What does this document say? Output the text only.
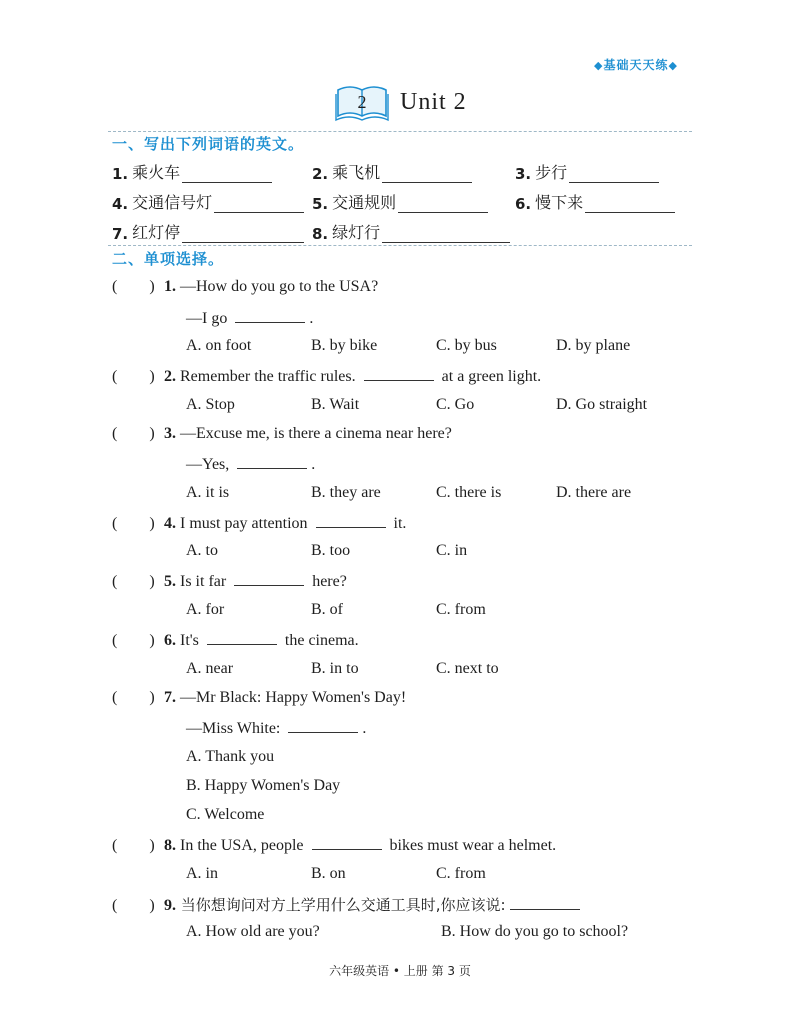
◆基础天天练◆
2 Unit 2
一、写出下列词语的英文。
1. 乘火车	2. 乘飞机	3. 步行
4. 交通信号灯	5. 交通规则	6. 慢下来
7. 红灯停	8. 绿灯行
二、单项选择。
( ) 1. —How do you go to the USA?
—I go	.
A. on foot	B. by bike	C. by bus	D. by plane
( ) 2. Remember the traffic rules.	at a green light.
A. Stop	B. Wait	C. Go	D. Go straight
( ) 3. —Excuse me, is there a cinema near here?
—Yes,	.
A. it is	B. they are	C. there is	D. there are
( ) 4. I must pay attention	it.
A. to	B. too	C. in
( ) 5. Is it far	here?
A. for	B. of	C. from
( ) 6. It's	the cinema.
A. near	B. in to	C. next to
( ) 7. —Mr Black: Happy Women's Day!
—Miss White:	.
A. Thank you
B. Happy Women's Day
C. Welcome
( ) 8. In the USA, people	bikes must wear a helmet.
A. in	B. on	C. from
( ) 9. 当你想询问对方上学用什么交通工具时,你应该说:
A. How old are you?	B. How do you go to school?
六年级英语 • 上册 第 3 页
